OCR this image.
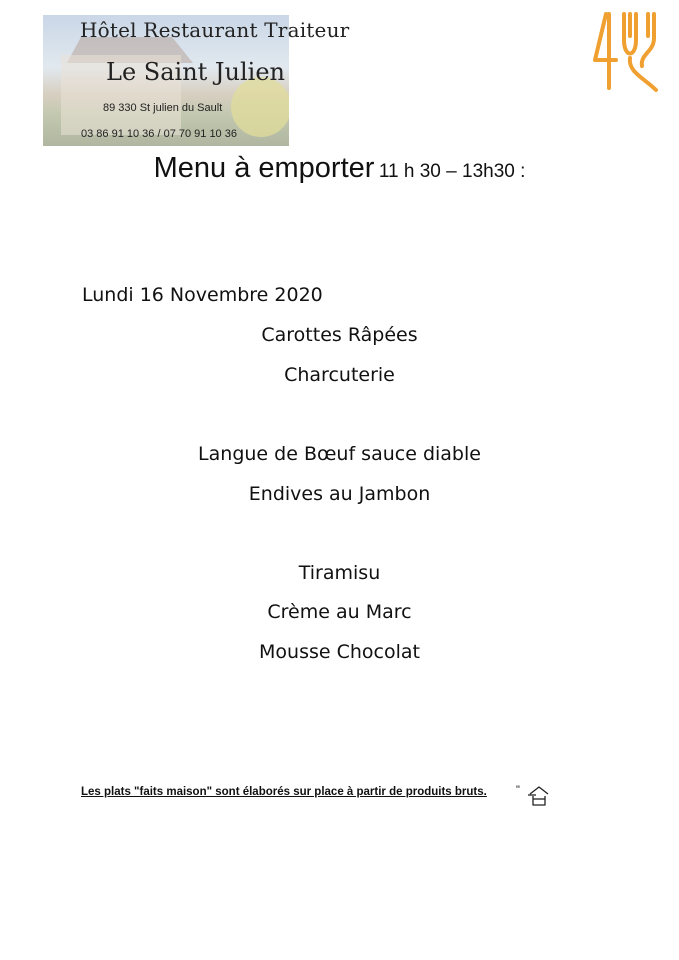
Hôtel Restaurant Traiteur
Le Saint Julien
89 330 St julien du Sault
03 86 91 10 36 / 07 70 91 10 36
Menu à emporter 11 h 30 – 13h30 :
Lundi 16 Novembre 2020
Carottes Râpées
Charcuterie
Langue de Bœuf sauce diable
Endives au Jambon
Tiramisu
Crème au Marc
Mousse Chocolat
Les plats "faits maison" sont élaborés sur place à partir de produits bruts.	"
